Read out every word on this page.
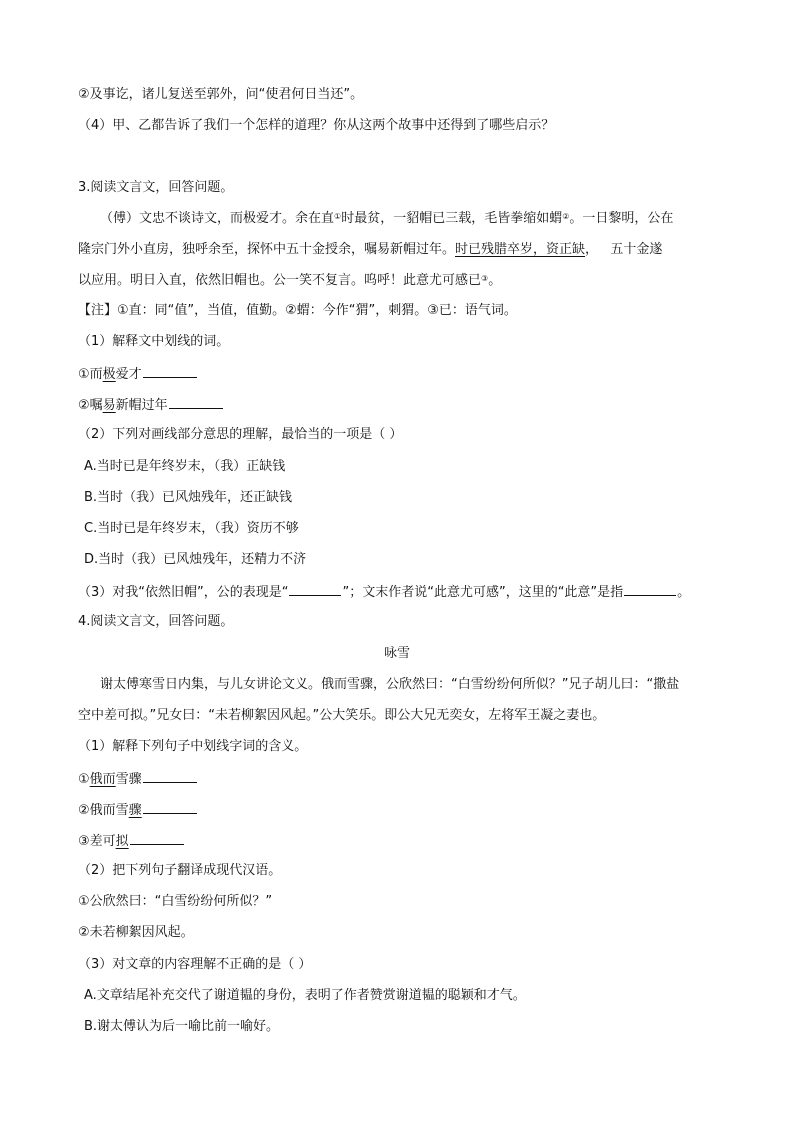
②及事讫，诸儿复送至郭外，问“使君何日当还”。
（4）甲、乙都告诉了我们一个怎样的道理？你从这两个故事中还得到了哪些启示？
3.阅读文言文，回答问题。
（傅）文忠不谈诗文，而极爱才。余在直①时最贫，一貂帽已三载，毛皆拳缩如蝟②。一日黎明，公在
隆宗门外小直房，独呼余至，探怀中五十金授余，嘱易新帽过年。时已残腊卒岁，资正缺，   五十金遂
以应用。明日入直，依然旧帽也。公一笑不复言。呜呼！此意尤可感已③。
【注】①直：同“值”，当值，值勤。②蝟：今作“猬”，刺猬。③已：语气词。
（1）解释文中划线的词。
①而极爱才
②嘱易新帽过年
（2）下列对画线部分意思的理解，最恰当的一项是（ ）
A.当时已是年终岁末，（我）正缺钱
B.当时（我）已风烛残年，还正缺钱
C.当时已是年终岁末，（我）资历不够
D.当时（我）已风烛残年，还精力不济
（3）对我“依然旧帽”，公的表现是“	”；文末作者说“此意尤可感”，这里的“此意”是指	。
4.阅读文言文，回答问题。
咏雪
谢太傅寒雪日内集，与儿女讲论文义。俄而雪骤，公欣然曰：“白雪纷纷何所似？”兄子胡儿曰：“撒盐
空中差可拟。”兄女曰：“未若柳絮因风起。”公大笑乐。即公大兄无奕女，左将军王凝之妻也。
（1）解释下列句子中划线字词的含义。
①俄而雪骤
②俄而雪骤
③差可拟
（2）把下列句子翻译成现代汉语。
①公欣然曰：“白雪纷纷何所似？”
②未若柳絮因风起。
（3）对文章的内容理解不正确的是（ ）
A.文章结尾补充交代了谢道韫的身份，表明了作者赞赏谢道韫的聪颖和才气。
B.谢太傅认为后一喻比前一喻好。
